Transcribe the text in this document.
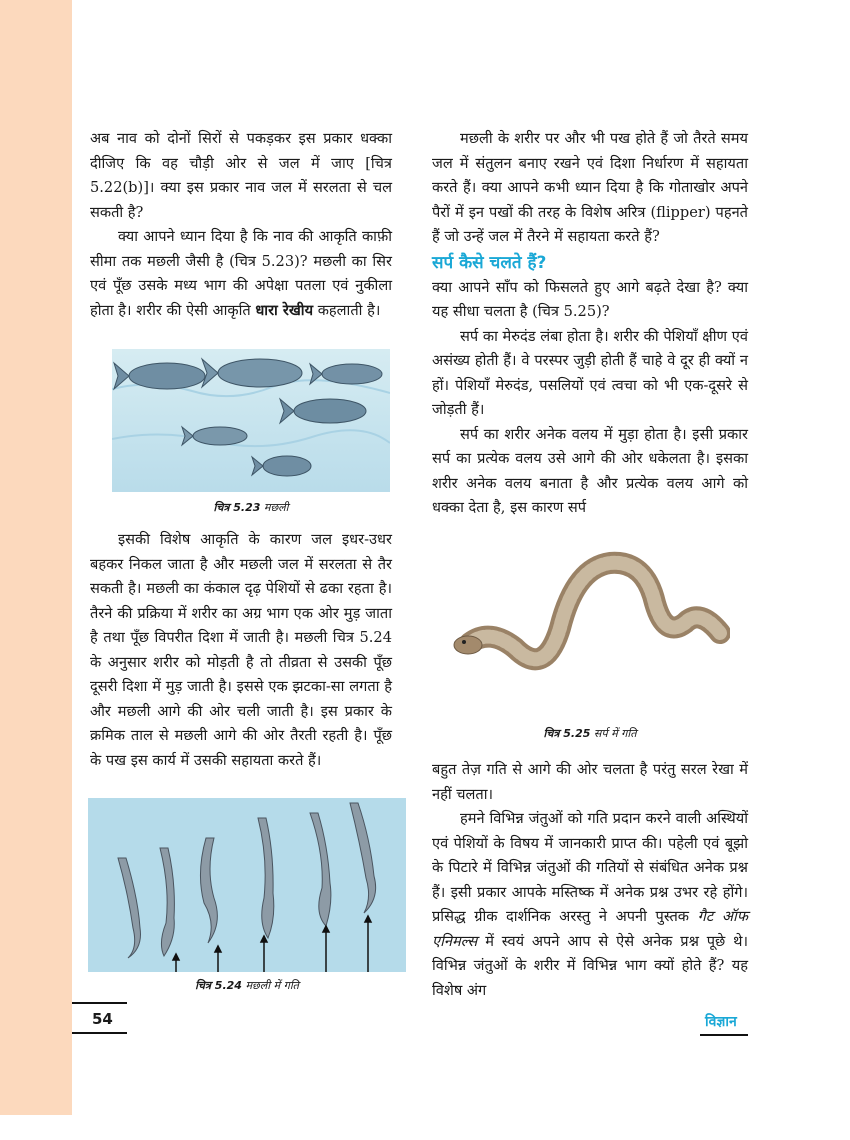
अब नाव को दोनों सिरों से पकड़कर इस प्रकार धक्का दीजिए कि वह चौड़ी ओर से जल में जाए [चित्र 5.22(b)]। क्या इस प्रकार नाव जल में सरलता से चल सकती है?

क्या आपने ध्यान दिया है कि नाव की आकृति काफ़ी सीमा तक मछली जैसी है (चित्र 5.23)? मछली का सिर एवं पूँछ उसके मध्य भाग की अपेक्षा पतला एवं नुकीला होता है। शरीर की ऐसी आकृति धारा रेखीय कहलाती है।

चित्र 5.23 मछली

इसकी विशेष आकृति के कारण जल इधर-उधर बहकर निकल जाता है और मछली जल में सरलता से तैर सकती है। मछली का कंकाल दृढ़ पेशियों से ढका रहता है। तैरने की प्रक्रिया में शरीर का अग्र भाग एक ओर मुड़ जाता है तथा पूँछ विपरीत दिशा में जाती है। मछली चित्र 5.24 के अनुसार शरीर को मोड़ती है तो तीव्रता से उसकी पूँछ दूसरी दिशा में मुड़ जाती है। इससे एक झटका-सा लगता है और मछली आगे की ओर चली जाती है। इस प्रकार के क्रमिक ताल से मछली आगे की ओर तैरती रहती है। पूँछ के पख इस कार्य में उसकी सहायता करते हैं।

चित्र 5.24 मछली में गति

मछली के शरीर पर और भी पख होते हैं जो तैरते समय जल में संतुलन बनाए रखने एवं दिशा निर्धारण में सहायता करते हैं। क्या आपने कभी ध्यान दिया है कि गोताखोर अपने पैरों में इन पखों की तरह के विशेष अरित्र (flipper) पहनते हैं जो उन्हें जल में तैरने में सहायता करते हैं?

सर्प कैसे चलते हैं?

क्या आपने साँप को फिसलते हुए आगे बढ़ते देखा है? क्या यह सीधा चलता है (चित्र 5.25)?

सर्प का मेरुदंड लंबा होता है। शरीर की पेशियाँ क्षीण एवं असंख्य होती हैं। वे परस्पर जुड़ी होती हैं चाहे वे दूर ही क्यों न हों। पेशियाँ मेरुदंड, पसलियों एवं त्वचा को भी एक-दूसरे से जोड़ती हैं।

सर्प का शरीर अनेक वलय में मुड़ा होता है। इसी प्रकार सर्प का प्रत्येक वलय उसे आगे की ओर धकेलता है। इसका शरीर अनेक वलय बनाता है और प्रत्येक वलय आगे को धक्का देता है, इस कारण सर्प

चित्र 5.25 सर्प में गति

बहुत तेज़ गति से आगे की ओर चलता है परंतु सरल रेखा में नहीं चलता।

हमने विभिन्न जंतुओं को गति प्रदान करने वाली अस्थियों एवं पेशियों के विषय में जानकारी प्राप्त की। पहेली एवं बूझो के पिटारे में विभिन्न जंतुओं की गतियों से संबंधित अनेक प्रश्न हैं। इसी प्रकार आपके मस्तिष्क में अनेक प्रश्न उभर रहे होंगे। प्रसिद्ध ग्रीक दार्शनिक अरस्तु ने अपनी पुस्तक गैट ऑफ एनिमल्स में स्वयं अपने आप से ऐसे अनेक प्रश्न पूछे थे। विभिन्न जंतुओं के शरीर में विभिन्न भाग क्यों होते हैं? यह विशेष अंग

54	विज्ञान
